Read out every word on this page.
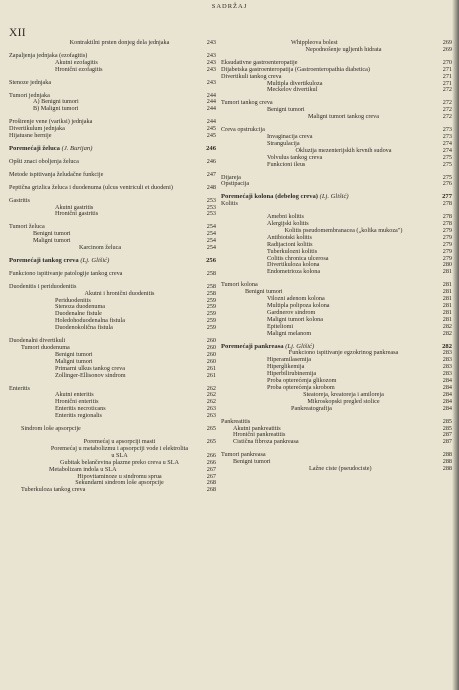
SADRŽAJ
XII
Kontraktilni prsten donjeg dela jednjaka	243
Zapaljenja jednjaka (ezofagitis)	243
Akutni ezofagitis	243
Hronični ezofagitis	243
Stenoze jednjaka	243
Tumori jednjaka	244
A) Benigni tumori	244
B) Maligni tumori	244
Proširenje vene (variksi) jednjaka	244
Divertikulum jednjaka	245
Hijatusne hernije	245
Poremećaji želuca (J. Burijan)	246
Opšti znaci oboljenja želuca	246
Metode ispitivanja želudačne funkcije	247
Peptična grizlica želuca i duodenuma (ulcus ventriculi et duodeni)	248
Gastritis	253
Akutni gastritis	253
Hronični gastritis	253
Tumori želuca	254
Benigni tumori	254
Maligni tumori	254
Karcinom želuca	254
Poremećaji tankog creva (Lj. Glišić)	256
Funkciono ispitivanje patologije tankog creva	258
Duodenitis i periduodenitis	258
Akutni i hronični duodenitis	258
Periduodenitis	259
Stenoza duodenuma	259
Duodenalne fistule	259
Holedohoduodenalna fistula	259
Duodenokolična fistula	259
Duodenalni divertikuli	260
Tumori duodenuma	260
Benigni tumori	260
Maligni tumori	260
Primarni ulkus tankog creva	261
Zollinger-Ellisonov sindrom	261
Enteritis	262
Akutni enteritis	262
Hronični enteritis	262
Enteritis necroticans	263
Enteritis regionalis	263
Sindrom loše apsorpcije	265
Poremećaj u apsorpciji masti	265
Poremećaj u metabolizmu i apsorpciji vode i elektrolita u SLA	266
Gubitak belančevina plazme preko creva u SLA	266
Metabolizam indola u SLA	267
Hipovitaminoze u sindromu sprua	267
Sekundarni sindrom loše apsorpcije	268
Tuberkuloza tankog creva	268
Whippleova bolest	269
Nepodnošenje ugljenih hidrata	269
Eksudativne gastroenteropatije	270
Dijabetska gastroenteropatija (Gastroenteropathia diabetica)	271
Divertikuli tankog creva	271
Multipla divertikuloza	271
Meckelov divertikul	272
Tumori tankog creva	272
Benigni tumori	272
Maligni tumori tankog creva	272
Creva opstrukcija	273
Invaginacija creva	273
Strangulacija	274
Okluzija mezenterijskih krvnih sudova	274
Volvulus tankog creva	275
Funkcioni ileus	275
Dijareja	275
Opstipacija	276
Poremećaji kolona (debelog creva) (Lj. Glišić)	277
Kolitis	278
Amebni kolitis	278
Alergijski kolitis	278
Kolitis pseudomembranacea („kolika mukoza")	279
Antibiotski kolitis	279
Radijacioni kolitis	279
Tuberkulozni kolitis	279
Colitis chronica ulcerosa	279
Divertikuloza kolona	280
Endometrioza kolona	281
Tumori kolona	281
Benigni tumori	281
Vilozni adenom kolona	281
Multipla polipoza kolona	281
Gardnerov sindrom	281
Maligni tumori kolona	281
Epiteliomi	282
Maligni melanom	282
Poremećaji pankreasa (Lj. Glišić)	282
Funkciono ispitivanje egzokrinog pankreasa	283
Hiperamilasemija	283
Hiperglikemija	283
Hiperbilirubinemija	283
Proba opterećenja glikozom	284
Proba opterećenja skrobom	284
Steatoreja, kreatoreja i amiloreja	284
Mikroskopski pregled stolice	284
Pankreatografija	284
Pankreatitis	285
Akutni pankreatitis	285
Hronični pankreatitis	287
Cistična fibroza pankreasa	287
Tumori pankreasa	288
Benigni tumori	288
Lažne ciste (pseudociste)	288
